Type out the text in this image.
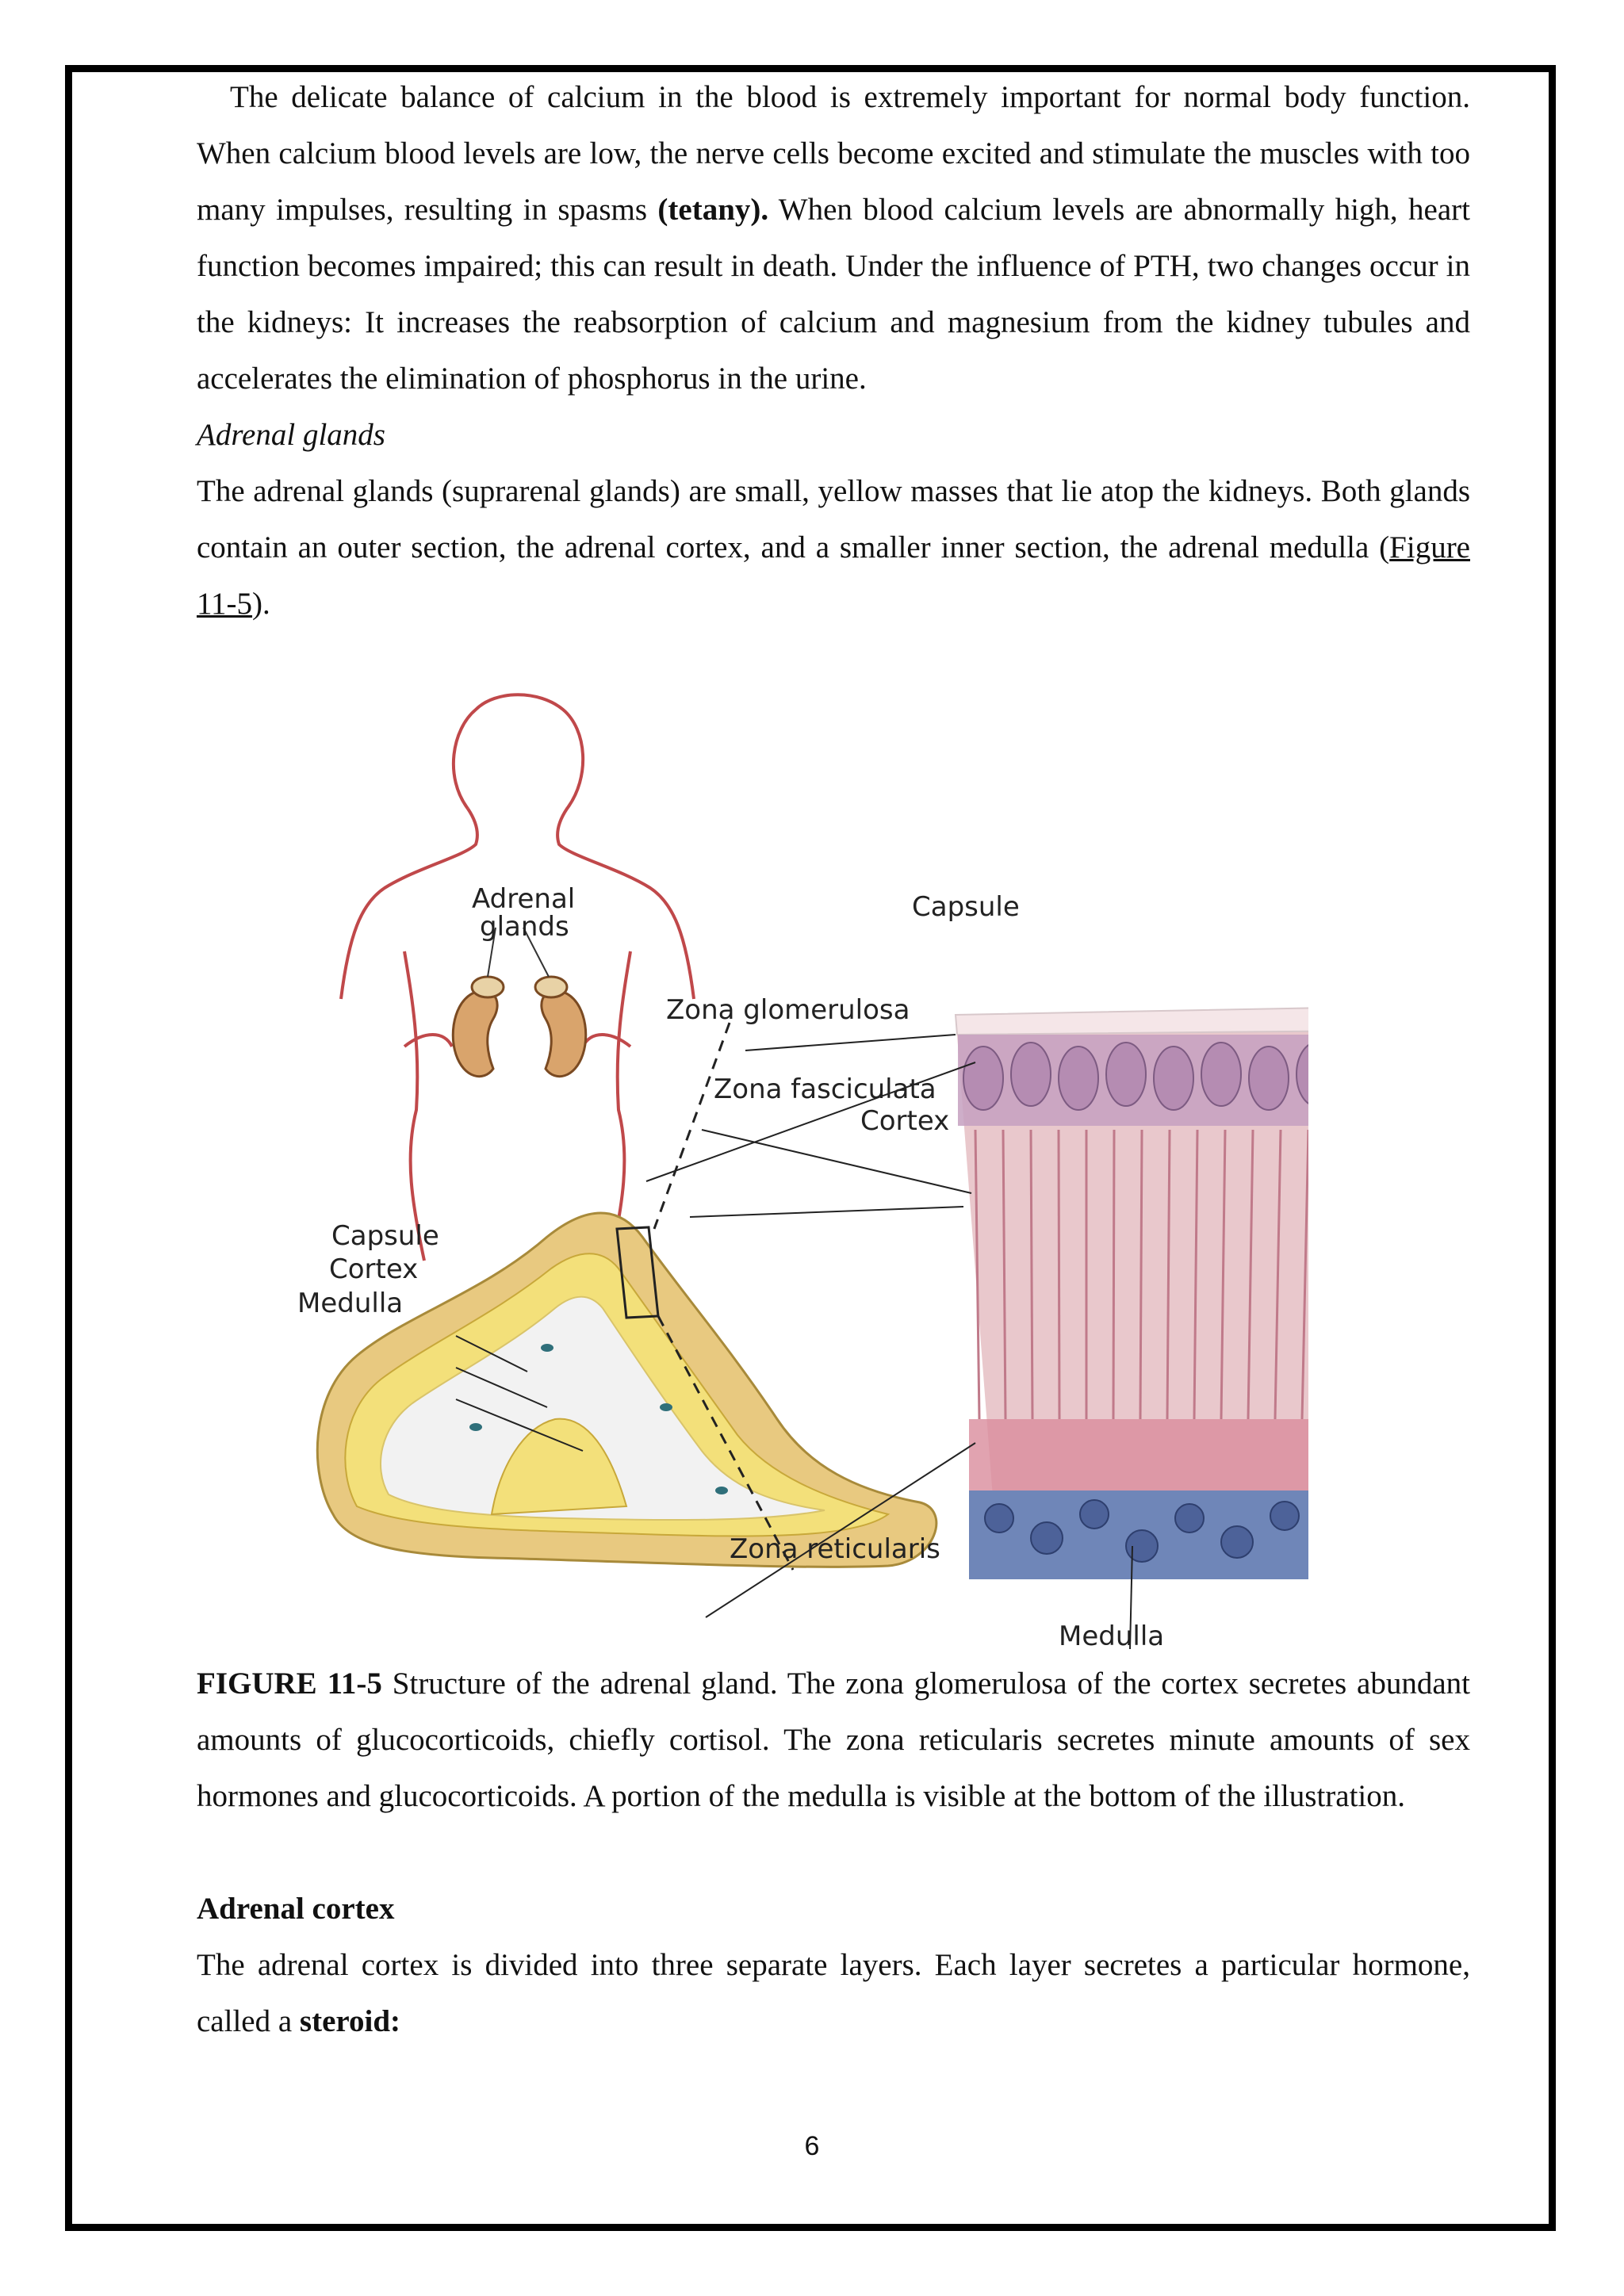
The delicate balance of calcium in the blood is extremely important for normal body function. When calcium blood levels are low, the nerve cells become excited and stimulate the muscles with too many impulses, resulting in spasms (tetany). When blood calcium levels are abnormally high, heart function becomes impaired; this can result in death. Under the influence of PTH, two changes occur in the kidneys: It increases the reabsorption of calcium and magnesium from the kidney tubules and accelerates the elimination of phosphorus in the urine.

Adrenal glands

The adrenal glands (suprarenal glands) are small, yellow masses that lie atop the kidneys. Both glands contain an outer section, the adrenal cortex, and a smaller inner section, the adrenal medulla (Figure 11-5).

Adrenal
glands
Capsule
Zona glomerulosa
Zona fasciculata
Cortex
Capsule
Cortex
Medulla
Zona reticularis
Medulla

FIGURE 11-5 Structure of the adrenal gland. The zona glomerulosa of the cortex secretes abundant amounts of glucocorticoids, chiefly cortisol. The zona reticularis secretes minute amounts of sex hormones and glucocorticoids. A portion of the medulla is visible at the bottom of the illustration.

Adrenal cortex

The adrenal cortex is divided into three separate layers. Each layer secretes a particular hormone, called a steroid:

6
